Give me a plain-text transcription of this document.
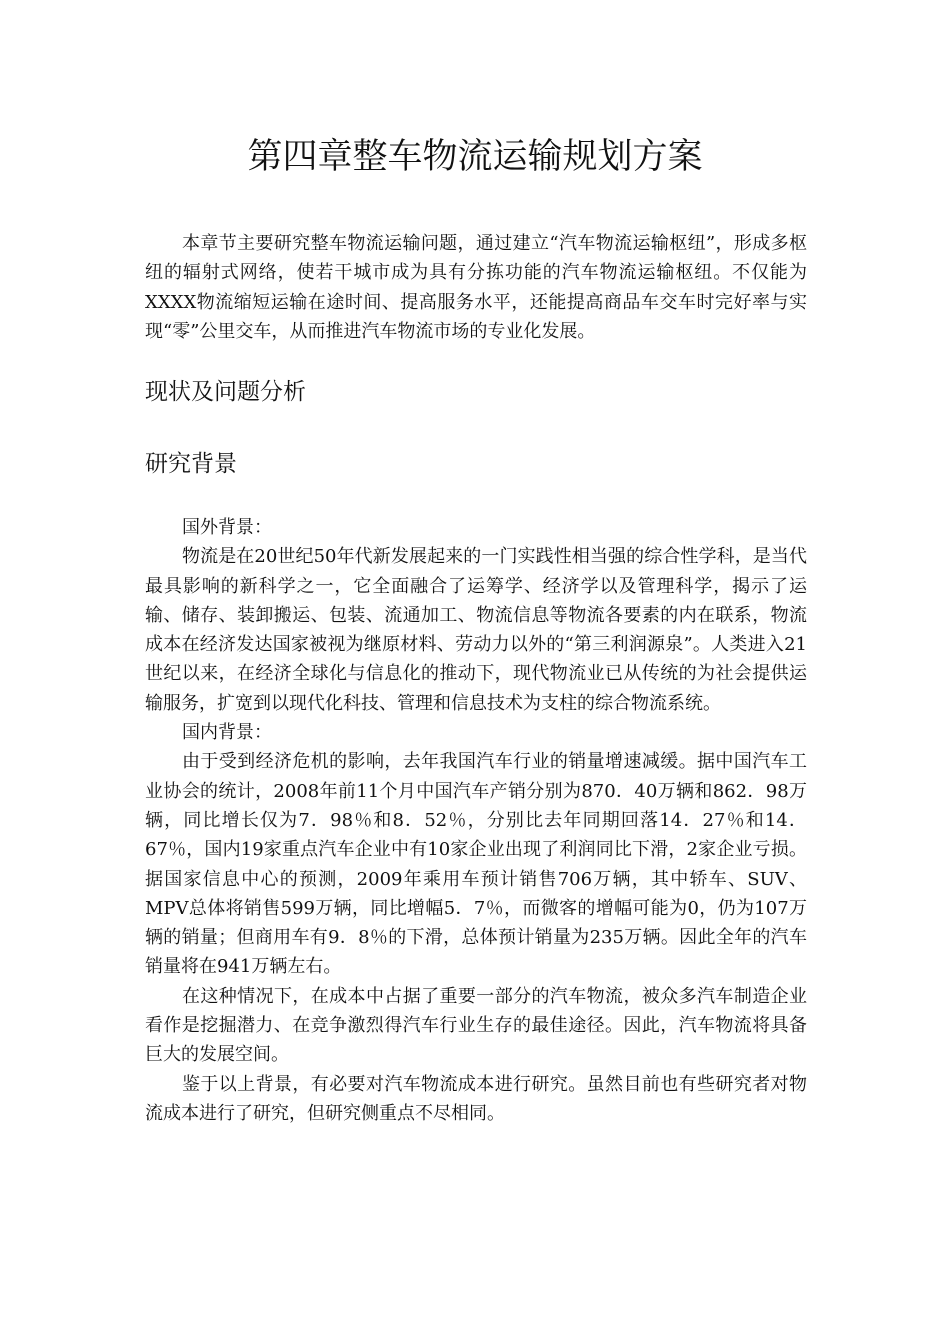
第四章整车物流运输规划方案

本章节主要研究整车物流运输问题，通过建立“汽车物流运输枢纽”，形成多枢纽的辐射式网络，使若干城市成为具有分拣功能的汽车物流运输枢纽。不仅能为XXXX物流缩短运输在途时间、提高服务水平，还能提高商品车交车时完好率与实现“零”公里交车，从而推进汽车物流市场的专业化发展。

现状及问题分析
研究背景

国外背景：

物流是在20世纪50年代新发展起来的一门实践性相当强的综合性学科，是当代最具影响的新科学之一，它全面融合了运筹学、经济学以及管理科学，揭示了运输、储存、装卸搬运、包装、流通加工、物流信息等物流各要素的内在联系，物流成本在经济发达国家被视为继原材料、劳动力以外的“第三利润源泉”。人类进入21世纪以来，在经济全球化与信息化的推动下，现代物流业已从传统的为社会提供运输服务，扩宽到以现代化科技、管理和信息技术为支柱的综合物流系统。

国内背景：

由于受到经济危机的影响，去年我国汽车行业的销量增速减缓。据中国汽车工业协会的统计，2008年前11个月中国汽车产销分别为870．40万辆和862．98万辆，同比增长仅为7．98％和8．52％，分别比去年同期回落14．27％和14．67％，国内19家重点汽车企业中有10家企业出现了利润同比下滑，2家企业亏损。据国家信息中心的预测，2009年乘用车预计销售706万辆，其中轿车、SUV、MPV总体将销售599万辆，同比增幅5．7％，而微客的增幅可能为0，仍为107万辆的销量；但商用车有9．8％的下滑，总体预计销量为235万辆。因此全年的汽车销量将在941万辆左右。

在这种情况下，在成本中占据了重要一部分的汽车物流，被众多汽车制造企业看作是挖掘潜力、在竞争激烈得汽车行业生存的最佳途径。因此，汽车物流将具备巨大的发展空间。

鉴于以上背景，有必要对汽车物流成本进行研究。虽然目前也有些研究者对物流成本进行了研究，但研究侧重点不尽相同。
